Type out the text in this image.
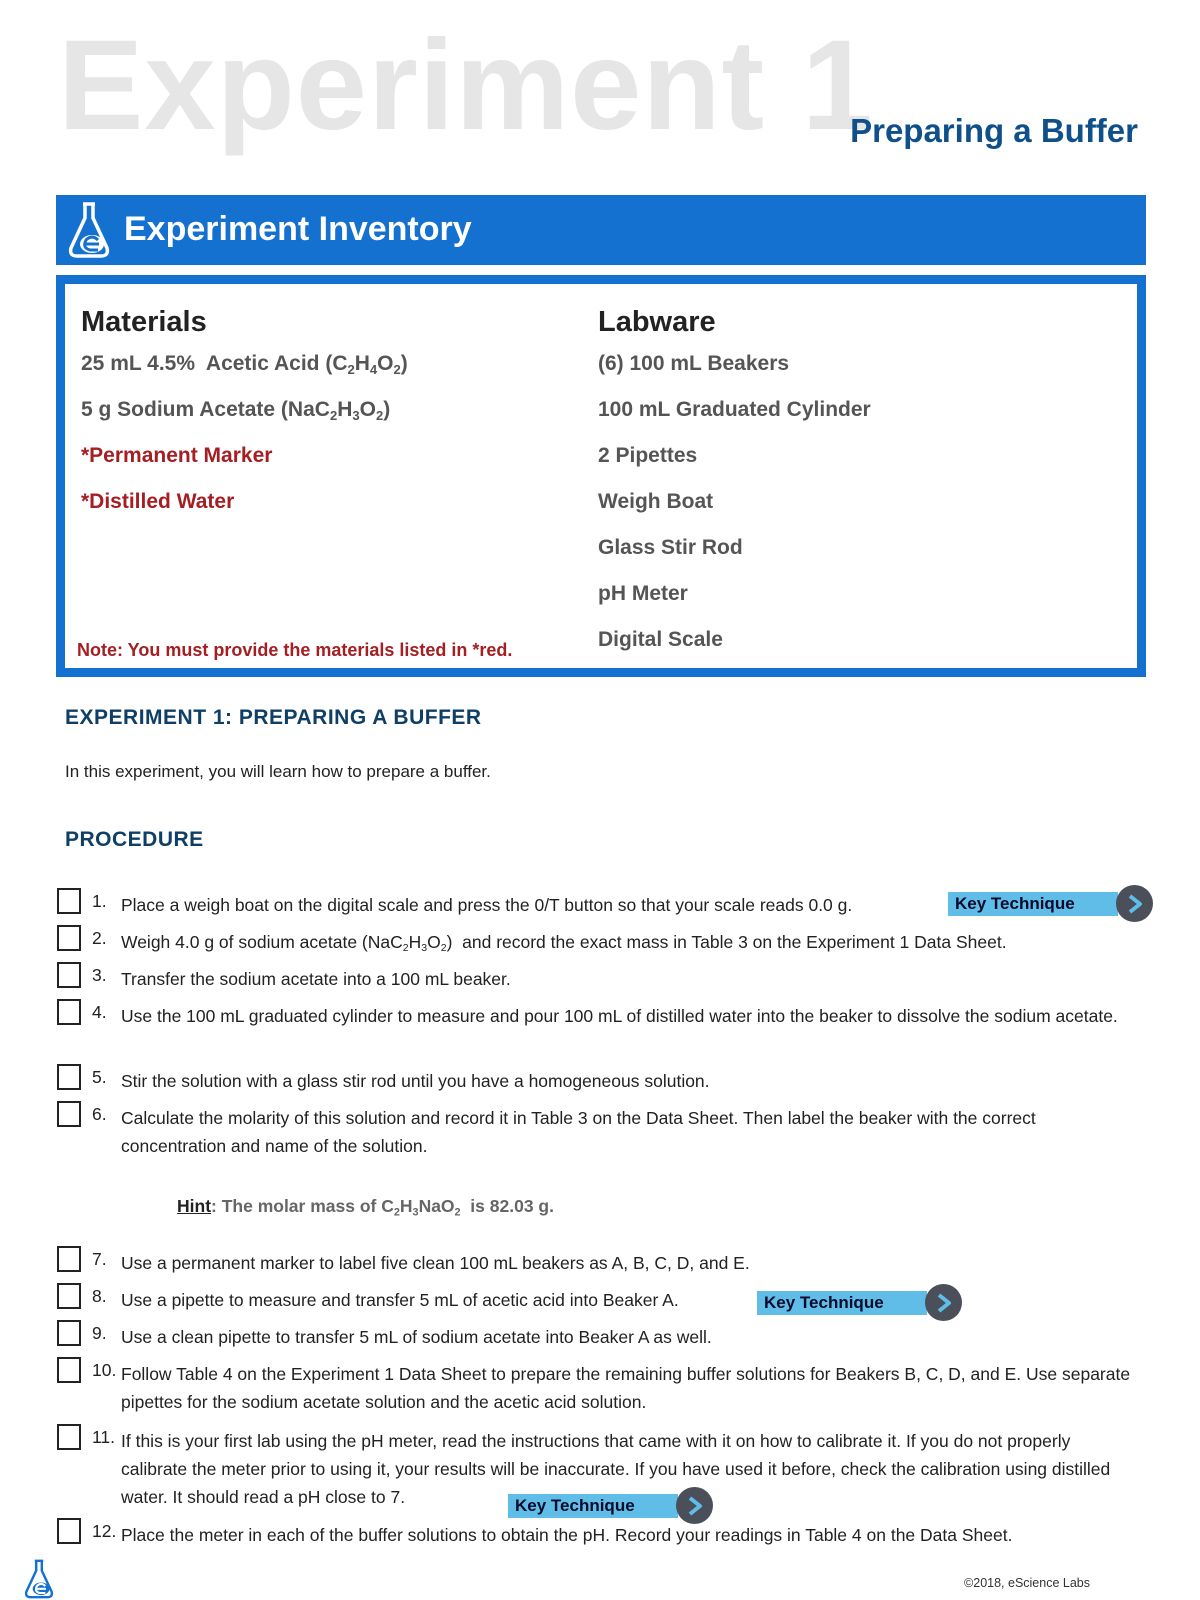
Experiment 1
Preparing a Buffer
Experiment Inventory
Materials	Labware
25 mL 4.5%  Acetic Acid $(C_2H_4O_2)$
5 g Sodium Acetate $(NaC_2H_3O_2)$
*Permanent Marker
*Distilled Water
(6) 100 mL Beakers
100 mL Graduated Cylinder
2 Pipettes
Weigh Boat
Glass Stir Rod
pH Meter
Digital Scale
Note: You must provide the materials listed in *red.
EXPERIMENT 1: PREPARING A BUFFER
In this experiment, you will learn how to prepare a buffer.
PROCEDURE
1. Place a weigh boat on the digital scale and press the 0/T button so that your scale reads 0.0 g.
2. Weigh 4.0 g of sodium acetate $(NaC_2H_3O_2)$  and record the exact mass in Table 3 on the Experiment 1 Data Sheet.
3. Transfer the sodium acetate into a 100 mL beaker.
4. Use the 100 mL graduated cylinder to measure and pour 100 mL of distilled water into the beaker to dissolve the sodium acetate.
5. Stir the solution with a glass stir rod until you have a homogeneous solution.
6. Calculate the molarity of this solution and record it in Table 3 on the Data Sheet. Then label the beaker with the correct concentration and name of the solution.
Hint: The molar mass of $C_2H_3NaO_2$  is 82.03 g.
7. Use a permanent marker to label five clean 100 mL beakers as A, B, C, D, and E.
8. Use a pipette to measure and transfer 5 mL of acetic acid into Beaker A.
9. Use a clean pipette to transfer 5 mL of sodium acetate into Beaker A as well.
10. Follow Table 4 on the Experiment 1 Data Sheet to prepare the remaining buffer solutions for Beakers B, C, D, and E. Use separate pipettes for the sodium acetate solution and the acetic acid solution.
11. If this is your first lab using the pH meter, read the instructions that came with it on how to calibrate it. If you do not properly calibrate the meter prior to using it, your results will be inaccurate. If you have used it before, check the calibration using distilled water. It should read a pH close to 7.
12. Place the meter in each of the buffer solutions to obtain the pH. Record your readings in Table 4 on the Data Sheet.
Key Technique
Key Technique
Key Technique
©2018, eScience Labs
